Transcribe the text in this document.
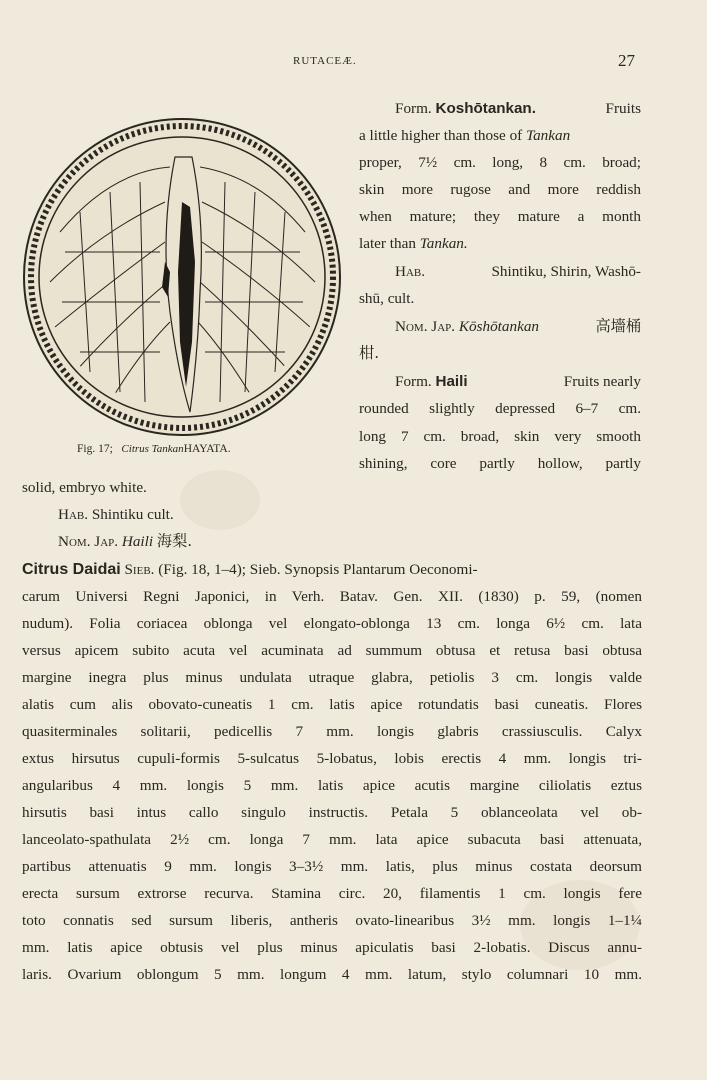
RUTACEÆ.	27
Fig. 17; Citrus TankanHAYATA.
Form. Koshōtankan.	Fruits
a little higher than those of Tankan
proper, 7½ cm. long, 8 cm. broad;
skin more rugose and more reddish
when mature; they mature a month
later than Tankan.
Hab.	Shintiku, Shirin, Washō-
shū, cult.
Nom. Jap. Kōshōtankan	高墻桶
柑.
Form. Haili	Fruits nearly
rounded slightly depressed 6–7 cm.
long 7 cm. broad, skin very smooth
shining, core partly hollow, partly
solid, embryo white.
Hab. Shintiku cult.
Nom. Jap. Haili 海梨.
Citrus Daidai Sieb. (Fig. 18, 1–4); Sieb. Synopsis Plantarum Oeconomi-
carum Universi Regni Japonici, in Verh. Batav. Gen. XII. (1830) p. 59, (nomen
nudum). Folia coriacea oblonga vel elongato-oblonga 13 cm. longa 6½ cm. lata
versus apicem subito acuta vel acuminata ad summum obtusa et retusa basi obtusa
margine inegra plus minus undulata utraque glabra, petiolis 3 cm. longis valde
alatis cum alis obovato-cuneatis 1 cm. latis apice rotundatis basi cuneatis. Flores
quasiterminales solitarii, pedicellis 7 mm. longis glabris crassiusculis. Calyx
extus hirsutus cupuli-formis 5-sulcatus 5-lobatus, lobis erectis 4 mm. longis tri-
angularibus 4 mm. longis 5 mm. latis apice acutis margine ciliolatis eztus
hirsutis basi intus callo singulo instructis. Petala 5 oblanceolata vel ob-
lanceolato-spathulata 2½ cm. longa 7 mm. lata apice subacuta basi attenuata,
partibus attenuatis 9 mm. longis 3–3½ mm. latis, plus minus costata deorsum
erecta sursum extrorse recurva. Stamina circ. 20, filamentis 1 cm. longis fere
toto connatis sed sursum liberis, antheris ovato-linearibus 3½ mm. longis 1–1¼
mm. latis apice obtusis vel plus minus apiculatis basi 2-lobatis. Discus annu-
laris. Ovarium oblongum 5 mm. longum 4 mm. latum, stylo columnari 10 mm.
